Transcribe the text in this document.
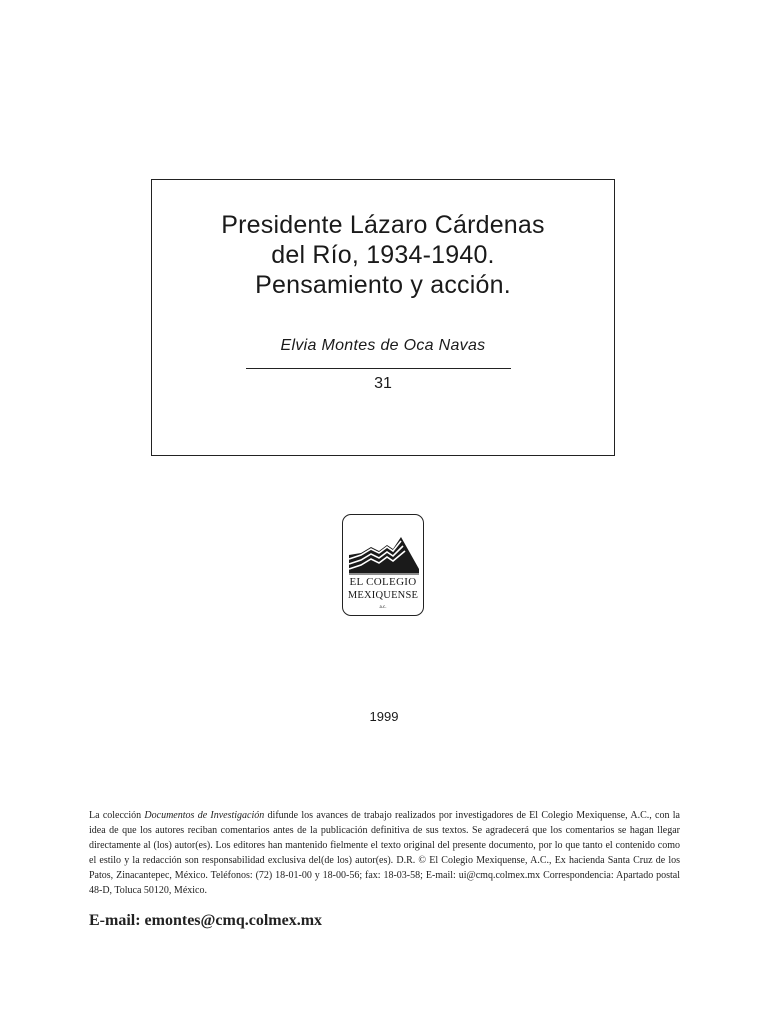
Presidente Lázaro Cárdenas
del Río, 1934-1940.
Pensamiento y acción.
Elvia Montes de Oca Navas
31
EL COLEGIO
MEXIQUENSE
a.c.
1999
La colección Documentos de Investigación difunde los avances de trabajo realizados por investigadores de El Colegio Mexiquense, A.C., con la idea de que los autores reciban comentarios antes de la publicación definitiva de sus textos. Se agradecerá que los comentarios se hagan llegar directamente al (los) autor(es). Los editores han mantenido fielmente el texto original del presente documento, por lo que tanto el contenido como el estilo y la redacción son responsabilidad exclusiva del(de los) autor(es). D.R. © El Colegio Mexiquense, A.C., Ex hacienda Santa Cruz de los Patos, Zinacantepec, México. Teléfonos: (72) 18-01-00 y 18-00-56; fax: 18-03-58; E-mail: ui@cmq.colmex.mx Correspondencia: Apartado postal 48-D, Toluca 50120, México.
E-mail: emontes@cmq.colmex.mx
